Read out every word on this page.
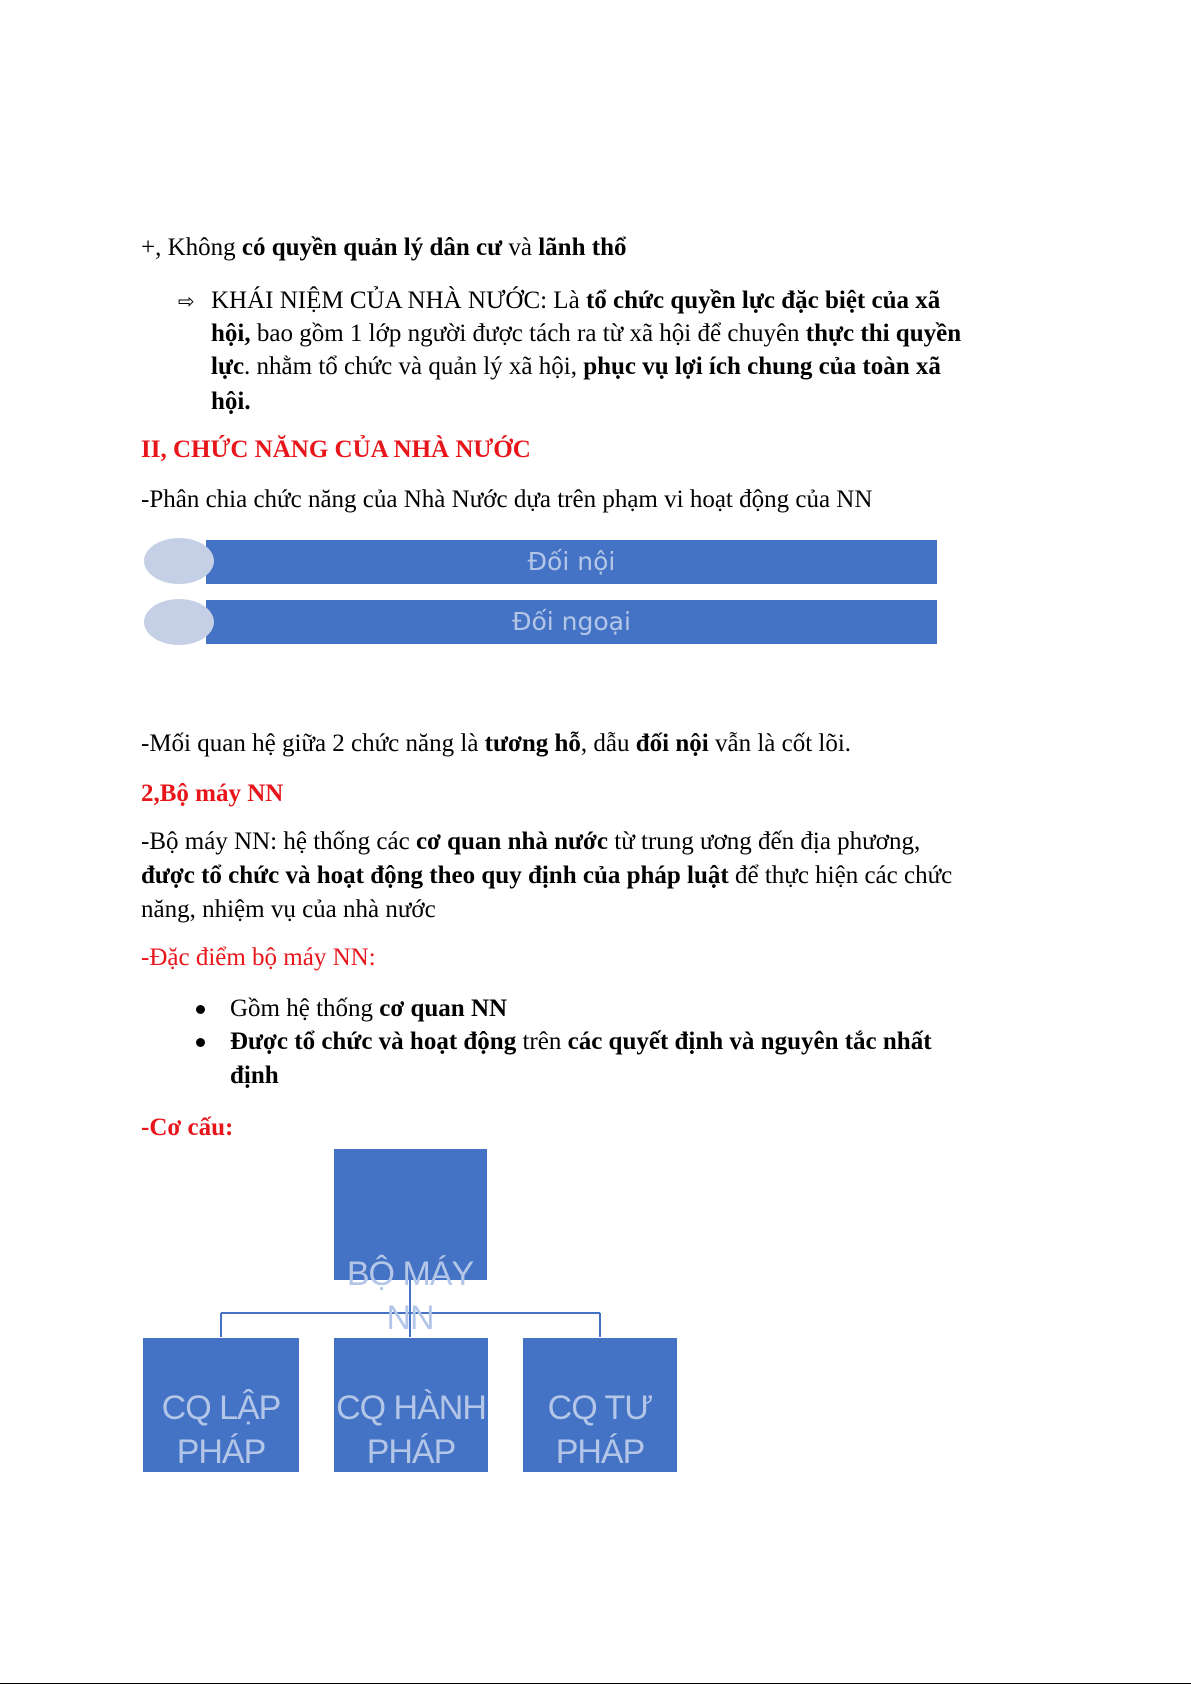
+, Không có quyền quản lý dân cư và lãnh thổ
⇨ KHÁI NIỆM CỦA NHÀ NƯỚC: Là tổ chức quyền lực đặc biệt của xã
hội, bao gồm 1 lớp người được tách ra từ xã hội để chuyên thực thi quyền
lực. nhằm tổ chức và quản lý xã hội, phục vụ lợi ích chung của toàn xã
hội.
II, CHỨC NĂNG CỦA NHÀ NƯỚC
-Phân chia chức năng của Nhà Nước dựa trên phạm vi hoạt động của NN
Đối nội
Đối ngoại
-Mối quan hệ giữa 2 chức năng là tương hỗ, dẫu đối nội vẫn là cốt lõi.
2,Bộ máy NN
-Bộ máy NN: hệ thống các cơ quan nhà nước từ trung ương đến địa phương,
được tổ chức và hoạt động theo quy định của pháp luật để thực hiện các chức
năng, nhiệm vụ của nhà nước
-Đặc điểm bộ máy NN:
Gồm hệ thống cơ quan NN
Được tổ chức và hoạt động trên các quyết định và nguyên tắc nhất
định
-Cơ cấu:
BỘ MÁY
NN
CQ LẬP
PHÁP
CQ HÀNH
PHÁP
CQ TƯ
PHÁP
